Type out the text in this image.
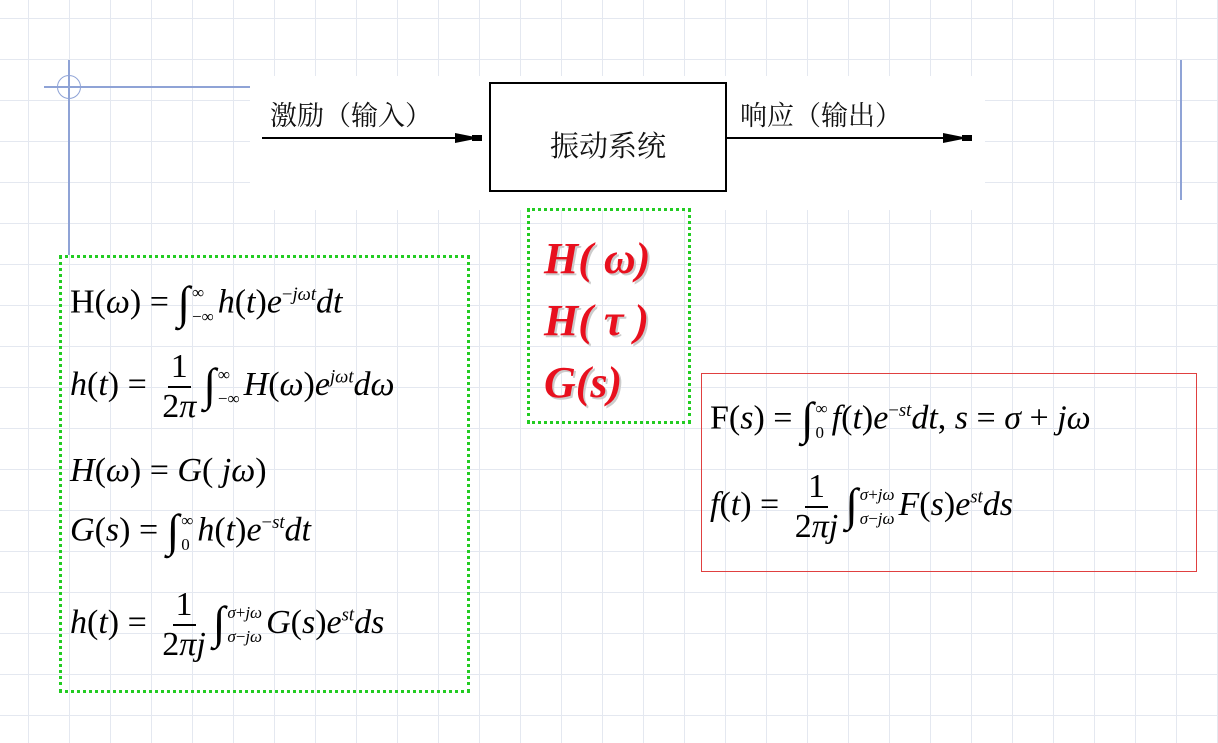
激励（输入）
振动系统
响应（输出）
H( ω)
H( τ )
G(s)
H(ω) = ∫ ∞
−∞ $h(t)e^{-j\omega t}dt$
$h(t) = \frac{1}{2\pi}$ ∫ ∞
−∞ $H(\omega)e^{j\omega t}d\omega$
H(ω) = G( jω)
G(s) = ∫ ∞
0 $h(t)e^{-st}dt$
$h(t) = \frac{1}{2\pi j}$ ∫ σ+jω
σ−jω $G(s)e^{st}ds$
F(s) = ∫ ∞
0 $f(t)e^{-st}dt$, s = σ + jω
$f(t) = \frac{1}{2\pi j}$ ∫ σ+jω
σ−jω $F(s)e^{st}ds$
